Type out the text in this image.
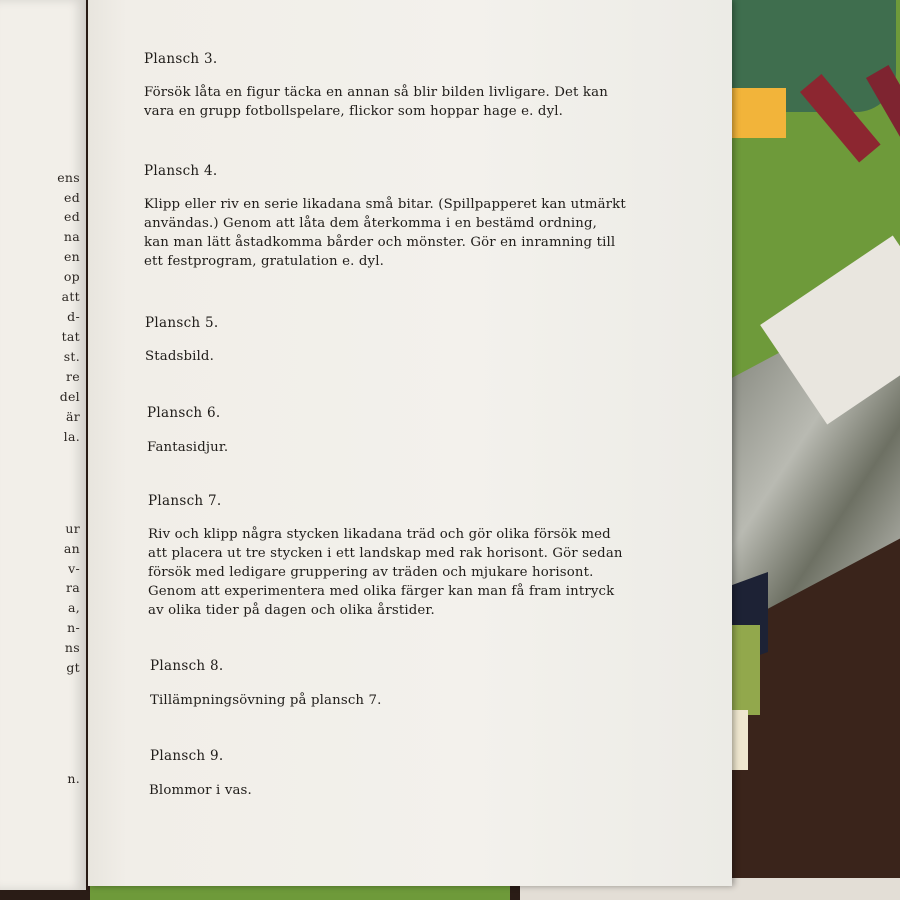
ens
ed
ed
na
en
op
att
d-
tat
st.
re
del
är
la.
ur
an
v-
ra
a,
n-
ns
gt
n.
Plansch 3.
Försök låta en figur täcka en annan så blir bilden livligare. Det kan
vara en grupp fotbollspelare, flickor som hoppar hage e. dyl.
Plansch 4.
Klipp eller riv en serie likadana små bitar. (Spillpapperet kan utmärkt
användas.) Genom att låta dem återkomma i en bestämd ordning,
kan man lätt åstadkomma bårder och mönster. Gör en inramning till
ett festprogram, gratulation e. dyl.
Plansch 5.
Stadsbild.
Plansch 6.
Fantasidjur.
Plansch 7.
Riv och klipp några stycken likadana träd och gör olika försök med
att placera ut tre stycken i ett landskap med rak horisont. Gör sedan
försök med ledigare gruppering av träden och mjukare horisont.
Genom att experimentera med olika färger kan man få fram intryck
av olika tider på dagen och olika årstider.
Plansch 8.
Tillämpningsövning på plansch 7.
Plansch 9.
Blommor i vas.
